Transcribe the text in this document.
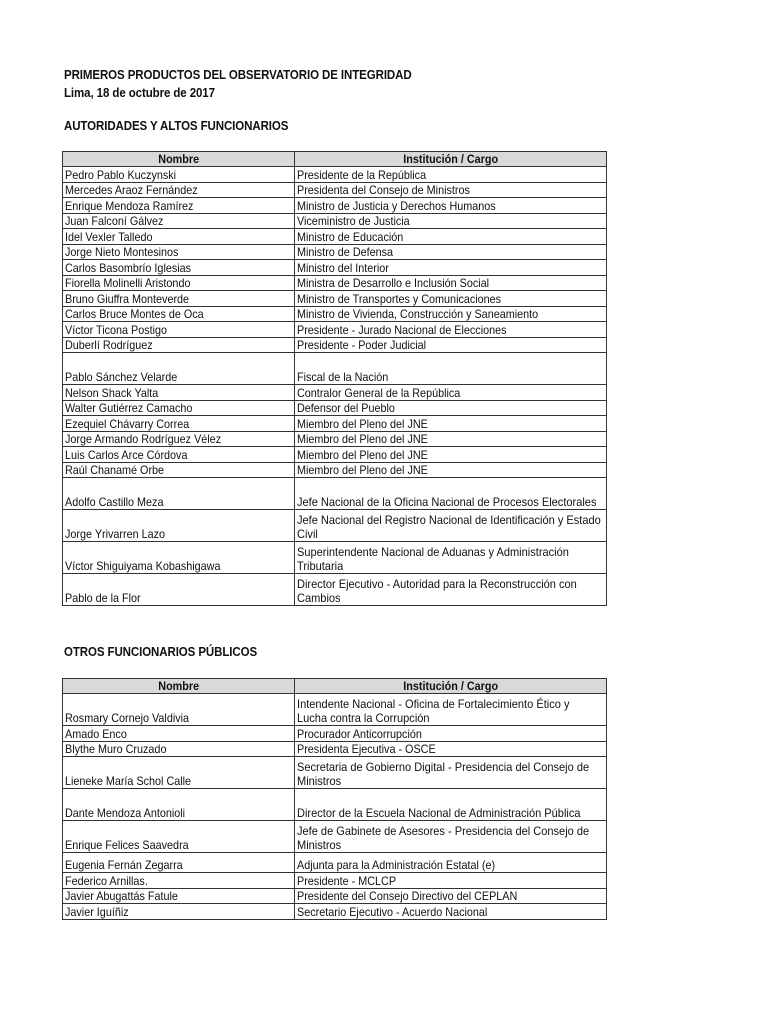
PRIMEROS PRODUCTOS DEL OBSERVATORIO DE INTEGRIDAD
Lima, 18 de octubre de 2017
AUTORIDADES Y ALTOS FUNCIONARIOS
Nombre	Institución / Cargo
Pedro Pablo Kuczynski	Presidente de la República
Mercedes Araoz Fernández	Presidenta del Consejo de Ministros
Enrique Mendoza Ramírez	Ministro de Justicia y Derechos Humanos
Juan Falconí Gálvez	Viceministro de Justicia
Idel Vexler Talledo	Ministro de Educación
Jorge Nieto Montesinos	Ministro de Defensa
Carlos Basombrío Iglesias	Ministro del Interior
Fiorella Molinelli Aristondo	Ministra de Desarrollo e Inclusión Social
Bruno Giuffra Monteverde	Ministro de Transportes y Comunicaciones
Carlos Bruce Montes de Oca	Ministro de Vivienda, Construcción y Saneamiento
Víctor Ticona Postigo	Presidente - Jurado Nacional de Elecciones
Duberlí Rodríguez	Presidente - Poder Judicial
Pablo Sánchez Velarde	Fiscal de la Nación
Nelson Shack Yalta	Contralor General de la República
Walter Gutiérrez Camacho	Defensor del Pueblo
Ezequiel Chávarry Correa	Miembro del Pleno del JNE
Jorge Armando Rodríguez Vélez	Miembro del Pleno del JNE
Luis Carlos Arce Córdova	Miembro del Pleno del JNE
Raúl Chanamé Orbe	Miembro del Pleno del JNE
Adolfo Castillo Meza	Jefe Nacional de la Oficina Nacional de Procesos Electorales

Jorge Yrivarren Lazo	Jefe Nacional del Registro Nacional de Identificación y Estado Civil

Víctor Shiguiyama Kobashigawa	Superintendente Nacional de Aduanas y Administración Tributaria

Pablo de la Flor	Director Ejecutivo - Autoridad para la Reconstrucción con Cambios
OTROS FUNCIONARIOS PÚBLICOS
Nombre	Institución / Cargo
Rosmary Cornejo Valdivia	Intendente Nacional - Oficina de Fortalecimiento Ético y Lucha contra la Corrupción

Amado Enco	Procurador Anticorrupción
Blythe Muro Cruzado	Presidenta Ejecutiva - OSCE
Lieneke María Schol Calle	Secretaria de Gobierno Digital - Presidencia del Consejo de Ministros

Dante Mendoza Antonioli	Director de la Escuela Nacional de Administración Pública

Enrique Felices Saavedra	Jefe de Gabinete de Asesores - Presidencia del Consejo de Ministros

Eugenia Fernán Zegarra	Adjunta para la Administración Estatal (e)
Federico Arnillas.	Presidente - MCLCP
Javier Abugattás Fatule	Presidente del Consejo Directivo del CEPLAN
Javier Iguíñiz	Secretario Ejecutivo - Acuerdo Nacional
